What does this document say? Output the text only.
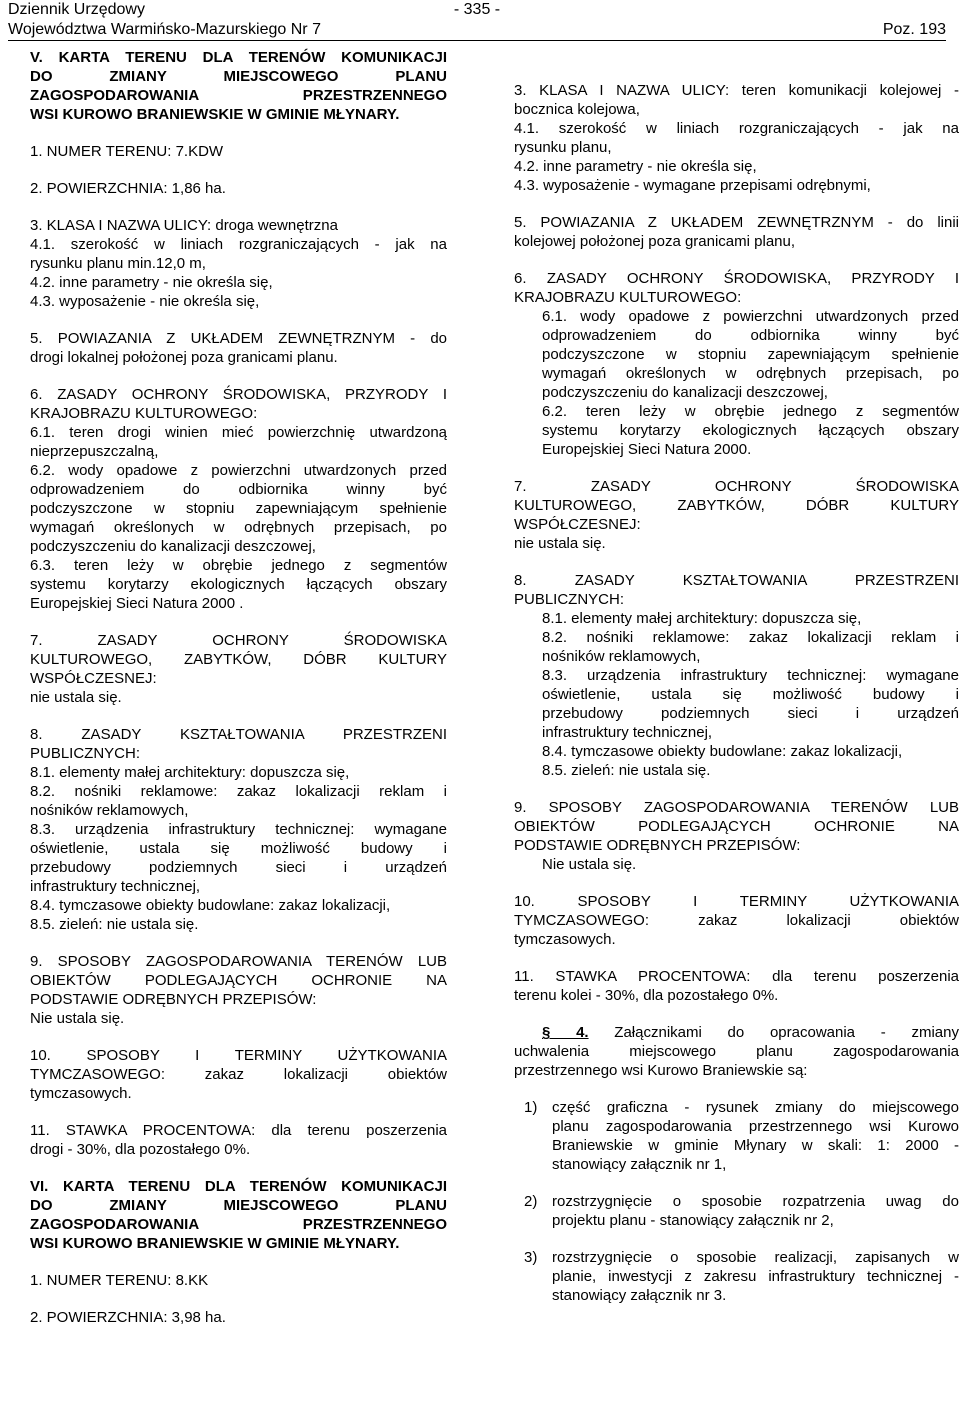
Dziennik Urzędowy
Województwa Warmińsko-Mazurskiego Nr 7
- 335 -
Poz. 193
V. KARTA TERENU DLA TERENÓW KOMUNIKACJI
DO ZMIANY MIEJSCOWEGO PLANU
ZAGOSPODAROWANIA PRZESTRZENNEGO
WSI KUROWO BRANIEWSKIE W GMINIE MŁYNARY.
1. NUMER TERENU: 7.KDW
2. POWIERZCHNIA: 1,86 ha.
3. KLASA I NAZWA ULICY: droga wewnętrzna
4.1. szerokość w liniach rozgraniczających - jak na
rysunku planu min.12,0 m,
4.2. inne parametry - nie określa się,
4.3. wyposażenie - nie określa się,
5. POWIAZANIA Z UKŁADEM ZEWNĘTRZNYM - do
drogi lokalnej położonej poza granicami planu.
6. ZASADY OCHRONY ŚRODOWISKA, PRZYRODY I
KRAJOBRAZU KULTUROWEGO:
6.1. teren drogi winien mieć powierzchnię utwardzoną
nieprzepuszczalną,
6.2. wody opadowe z powierzchni utwardzonych przed
odprowadzeniem do odbiornika winny być
podczyszczone w stopniu zapewniającym spełnienie
wymagań określonych w odrębnych przepisach, po
podczyszczeniu do kanalizacji deszczowej,
6.3. teren leży w obrębie jednego z segmentów
systemu korytarzy ekologicznych łączących obszary
Europejskiej Sieci Natura 2000 .
7. ZASADY OCHRONY ŚRODOWISKA
KULTUROWEGO, ZABYTKÓW, DÓBR KULTURY
WSPÓŁCZESNEJ:
nie ustala się.
8. ZASADY KSZTAŁTOWANIA PRZESTRZENI
PUBLICZNYCH:
8.1. elementy małej architektury: dopuszcza się,
8.2. nośniki reklamowe: zakaz lokalizacji reklam i
nośników reklamowych,
8.3. urządzenia infrastruktury technicznej: wymagane
oświetlenie, ustala się możliwość budowy i
przebudowy podziemnych sieci i urządzeń
infrastruktury technicznej,
8.4. tymczasowe obiekty budowlane: zakaz lokalizacji,
8.5. zieleń: nie ustala się.
9. SPOSOBY ZAGOSPODAROWANIA TERENÓW LUB
OBIEKTÓW PODLEGAJĄCYCH OCHRONIE NA
PODSTAWIE ODRĘBNYCH PRZEPISÓW:
Nie ustala się.
10. SPOSOBY I TERMINY UŻYTKOWANIA
TYMCZASOWEGO: zakaz lokalizacji obiektów
tymczasowych.
11. STAWKA PROCENTOWA: dla terenu poszerzenia
drogi - 30%, dla pozostałego 0%.
VI. KARTA TERENU DLA TERENÓW KOMUNIKACJI
DO ZMIANY MIEJSCOWEGO PLANU
ZAGOSPODAROWANIA PRZESTRZENNEGO
WSI KUROWO BRANIEWSKIE W GMINIE MŁYNARY.
1. NUMER TERENU: 8.KK
2. POWIERZCHNIA: 3,98 ha.
3. KLASA I NAZWA ULICY: teren komunikacji kolejowej -
bocznica kolejowa,
4.1. szerokość w liniach rozgraniczających - jak na
rysunku planu,
4.2. inne parametry - nie określa się,
4.3. wyposażenie - wymagane przepisami odrębnymi,
5. POWIAZANIA Z UKŁADEM ZEWNĘTRZNYM - do linii
kolejowej położonej poza granicami planu,
6. ZASADY OCHRONY ŚRODOWISKA, PRZYRODY I
KRAJOBRAZU KULTUROWEGO:
6.1. wody opadowe z powierzchni utwardzonych przed
odprowadzeniem do odbiornika winny być
podczyszczone w stopniu zapewniającym spełnienie
wymagań określonych w odrębnych przepisach, po
podczyszczeniu do kanalizacji deszczowej,
6.2. teren leży w obrębie jednego z segmentów
systemu korytarzy ekologicznych łączących obszary
Europejskiej Sieci Natura 2000.
7. ZASADY OCHRONY ŚRODOWISKA
KULTUROWEGO, ZABYTKÓW, DÓBR KULTURY
WSPÓŁCZESNEJ:
nie ustala się.
8. ZASADY KSZTAŁTOWANIA PRZESTRZENI
PUBLICZNYCH:
8.1. elementy małej architektury: dopuszcza się,
8.2. nośniki reklamowe: zakaz lokalizacji reklam i
nośników reklamowych,
8.3. urządzenia infrastruktury technicznej: wymagane
oświetlenie, ustala się możliwość budowy i
przebudowy podziemnych sieci i urządzeń
infrastruktury technicznej,
8.4. tymczasowe obiekty budowlane: zakaz lokalizacji,
8.5. zieleń: nie ustala się.
9. SPOSOBY ZAGOSPODAROWANIA TERENÓW LUB
OBIEKTÓW PODLEGAJĄCYCH OCHRONIE NA
PODSTAWIE ODRĘBNYCH PRZEPISÓW:
Nie ustala się.
10. SPOSOBY I TERMINY UŻYTKOWANIA
TYMCZASOWEGO: zakaz lokalizacji obiektów
tymczasowych.
11. STAWKA PROCENTOWA: dla terenu poszerzenia
terenu kolei - 30%, dla pozostałego 0%.
§ 4. Załącznikami do opracowania - zmiany
uchwalenia miejscowego planu zagospodarowania
przestrzennego wsi Kurowo Braniewskie są:
1) część graficzna - rysunek zmiany do miejscowego
planu zagospodarowania przestrzennego wsi Kurowo
Braniewskie w gminie Młynary w skali: 1: 2000 -
stanowiący załącznik nr 1,
2) rozstrzygnięcie o sposobie rozpatrzenia uwag do
projektu planu - stanowiący załącznik nr 2,
3) rozstrzygnięcie o sposobie realizacji, zapisanych w
planie, inwestycji z zakresu infrastruktury technicznej -
stanowiący załącznik nr 3.
